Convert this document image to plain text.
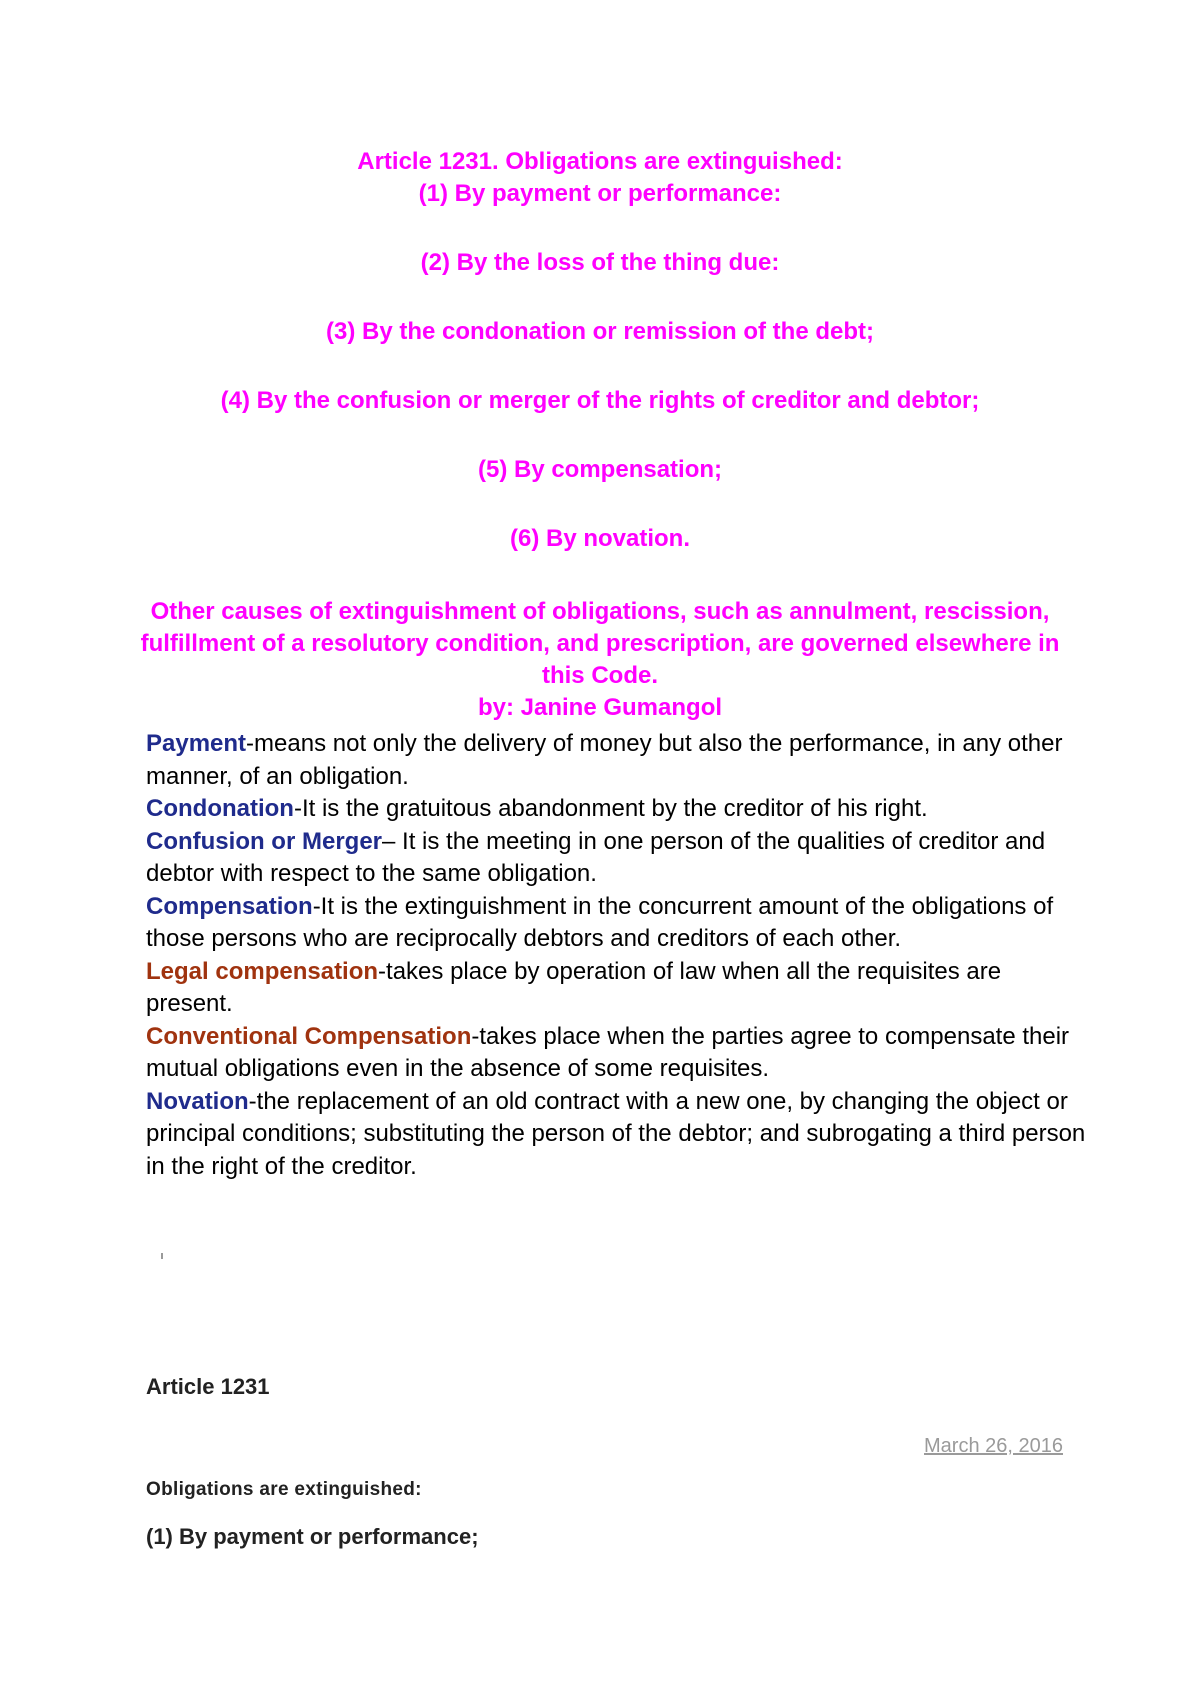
Article 1231. Obligations are extinguished:
(1) By payment or performance:
(2) By the loss of the thing due:
(3) By the condonation or remission of the debt;
(4) By the confusion or merger of the rights of creditor and debtor;
(5) By compensation;
(6) By novation.
Other causes of extinguishment of obligations, such as annulment, rescission, fulfillment of a resolutory condition, and prescription, are governed elsewhere in this Code.
by: Janine Gumangol
Payment-means not only the delivery of money but also the performance, in any other manner, of an obligation.
Condonation-It is the gratuitous abandonment by the creditor of his right.
Confusion or Merger– It is the meeting in one person of the qualities of creditor and debtor with respect to the same obligation.
Compensation-It is the extinguishment in the concurrent amount of the obligations of those persons who are reciprocally debtors and creditors of each other.
Legal compensation-takes place by operation of law when all the requisites are present.
Conventional Compensation-takes place when the parties agree to compensate their mutual obligations even in the absence of some requisites.
Novation-the replacement of an old contract with a new one, by changing the object or principal conditions; substituting the person of the debtor; and subrogating a third person in the right of the creditor.
Article 1231
March 26, 2016
Obligations are extinguished:
(1) By payment or performance;
